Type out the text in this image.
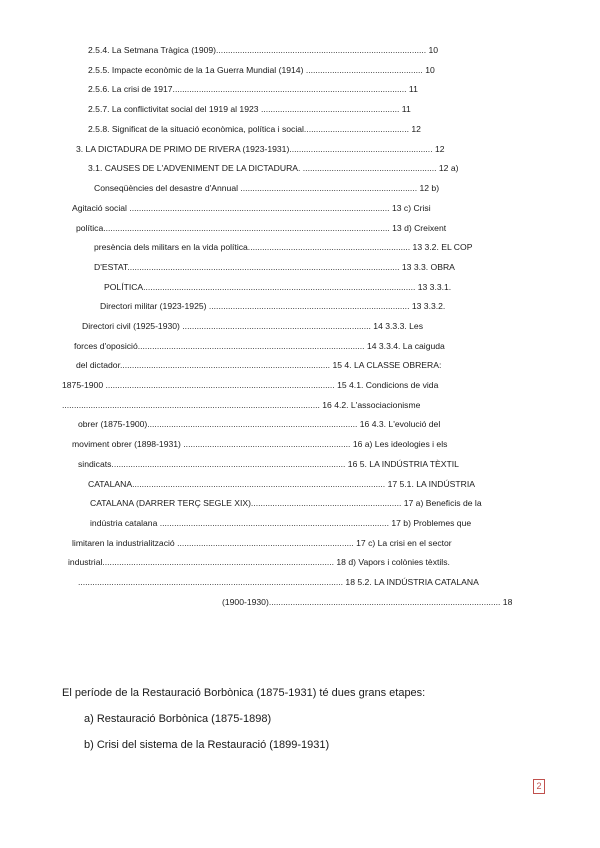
2.5.4. La Setmana Tràgica (1909)........................................................................................ 10
2.5.5. Impacte econòmic de la 1a Guerra Mundial (1914) ................................................. 10
2.5.6. La crisi de 1917.................................................................................................. 11
2.5.7. La conflictivitat social del 1919 al 1923 .......................................................... 11
2.5.8. Significat de la situació econòmica, política i social............................................ 12
3. LA DICTADURA DE PRIMO DE RIVERA (1923-1931)............................................................ 12
3.1. CAUSES DE L'ADVENIMENT DE LA DICTADURA. ........................................................ 12 a)
Conseqüències del desastre d'Annual .......................................................................... 12 b)
Agitació social ............................................................................................................. 13 c) Crisi
política........................................................................................................................ 13 d) Creixent
presència dels militars en la vida política.................................................................... 13 3.2. EL COP
D'ESTAT.................................................................................................................. 13 3.3. OBRA
POLÍTICA.................................................................................................................. 13 3.3.1.
Directori militar (1923-1925) .................................................................................... 13 3.3.2.
Directori civil (1925-1930) ............................................................................... 14 3.3.3. Les
forces d'oposició............................................................................................... 14 3.3.4. La caiguda
del dictador........................................................................................ 15 4. LA CLASSE OBRERA:
1875-1900 ................................................................................................ 15 4.1. Condicions de vida
............................................................................................................ 16 4.2. L'associacionisme
obrer (1875-1900)........................................................................................ 16 4.3. L'evolució del
moviment obrer (1898-1931) ...................................................................... 16 a) Les ideologies i els
sindicats.................................................................................................. 16 5. LA INDÚSTRIA TÈXTIL
CATALANA.......................................................................................................... 17 5.1. LA INDÚSTRIA
CATALANA (DARRER TERÇ SEGLE XIX)............................................................... 17 a) Beneficis de la
indústria catalana ................................................................................................ 17 b) Problemes que
limitaren la industrialització .......................................................................... 17 c) La crisi en el sector
industrial................................................................................................. 18 d) Vapors i colònies tèxtils.
............................................................................................................... 18 5.2. LA INDÚSTRIA CATALANA
(1900-1930)................................................................................................. 18
El període de la Restauració Borbònica (1875-1931) té dues grans etapes:
a) Restauració Borbònica (1875-1898)
b) Crisi del sistema de la Restauració (1899-1931)
2
